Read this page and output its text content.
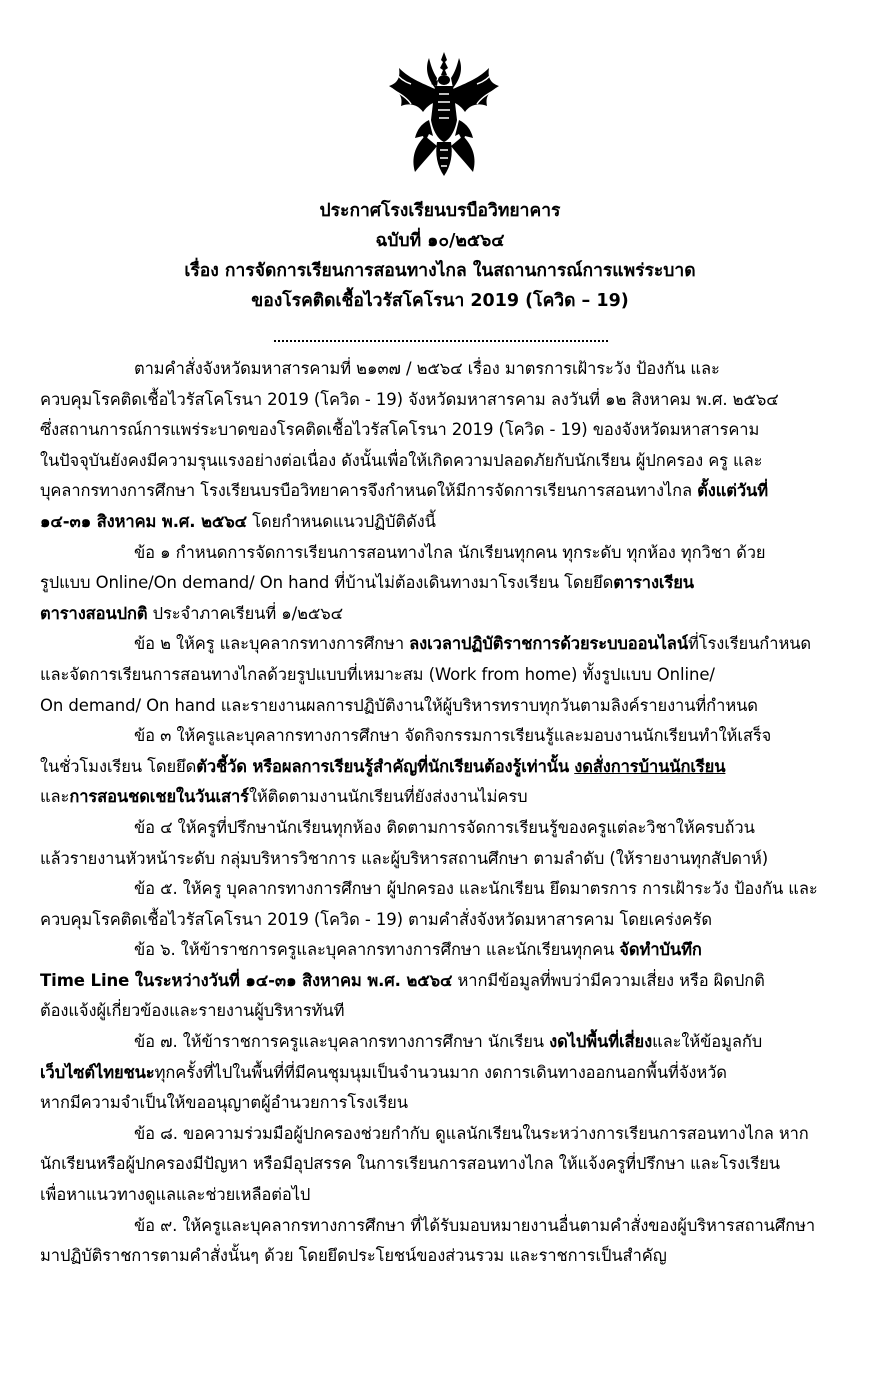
ประกาศโรงเรียนบรบือวิทยาคาร
ฉบับที่ ๑๐/๒๕๖๔
เรื่อง การจัดการเรียนการสอนทางไกล ในสถานการณ์การแพร่ระบาด
ของโรคติดเชื้อไวรัสโคโรนา 2019 (โควิด – 19)
ตามคำสั่งจังหวัดมหาสารคามที่ ๒๑๓๗ / ๒๕๖๔ เรื่อง มาตรการเฝ้าระวัง ป้องกัน และ
ควบคุมโรคติดเชื้อไวรัสโคโรนา 2019 (โควิด - 19) จังหวัดมหาสารคาม ลงวันที่ ๑๒ สิงหาคม พ.ศ. ๒๕๖๔
ซึ่งสถานการณ์การแพร่ระบาดของโรคติดเชื้อไวรัสโคโรนา 2019 (โควิด - 19) ของจังหวัดมหาสารคาม
ในปัจจุบันยังคงมีความรุนแรงอย่างต่อเนื่อง ดังนั้นเพื่อให้เกิดความปลอดภัยกับนักเรียน ผู้ปกครอง ครู และ
บุคลากรทางการศึกษา โรงเรียนบรบือวิทยาคารจึงกำหนดให้มีการจัดการเรียนการสอนทางไกล ตั้งแต่วันที่
๑๔-๓๑ สิงหาคม พ.ศ. ๒๕๖๔ โดยกำหนดแนวปฏิบัติดังนี้
ข้อ ๑ กำหนดการจัดการเรียนการสอนทางไกล นักเรียนทุกคน ทุกระดับ ทุกห้อง ทุกวิชา ด้วย
รูปแบบ Online/On demand/ On hand ที่บ้านไม่ต้องเดินทางมาโรงเรียน โดยยึดตารางเรียน
ตารางสอนปกติ ประจำภาคเรียนที่ ๑/๒๕๖๔
ข้อ ๒ ให้ครู และบุคลากรทางการศึกษา ลงเวลาปฏิบัติราชการด้วยระบบออนไลน์ที่โรงเรียนกำหนด
และจัดการเรียนการสอนทางไกลด้วยรูปแบบที่เหมาะสม (Work from home) ทั้งรูปแบบ Online/
On demand/ On hand และรายงานผลการปฏิบัติงานให้ผู้บริหารทราบทุกวันตามลิงค์รายงานที่กำหนด
ข้อ ๓ ให้ครูและบุคลากรทางการศึกษา จัดกิจกรรมการเรียนรู้และมอบงานนักเรียนทำให้เสร็จ
ในชั่วโมงเรียน โดยยึดตัวชี้วัด หรือผลการเรียนรู้สำคัญที่นักเรียนต้องรู้เท่านั้น งดสั่งการบ้านนักเรียน
และการสอนชดเชยในวันเสาร์ให้ติดตามงานนักเรียนที่ยังส่งงานไม่ครบ
ข้อ ๔ ให้ครูที่ปรึกษานักเรียนทุกห้อง ติดตามการจัดการเรียนรู้ของครูแต่ละวิชาให้ครบถ้วน
แล้วรายงานหัวหน้าระดับ กลุ่มบริหารวิชาการ และผู้บริหารสถานศึกษา ตามลำดับ (ให้รายงานทุกสัปดาห์)
ข้อ ๕. ให้ครู บุคลากรทางการศึกษา ผู้ปกครอง และนักเรียน ยึดมาตรการ การเฝ้าระวัง ป้องกัน และ
ควบคุมโรคติดเชื้อไวรัสโคโรนา 2019 (โควิด - 19) ตามคำสั่งจังหวัดมหาสารคาม โดยเคร่งครัด
ข้อ ๖. ให้ข้าราชการครูและบุคลากรทางการศึกษา และนักเรียนทุกคน จัดทำบันทึก
Time Line ในระหว่างวันที่ ๑๔-๓๑ สิงหาคม พ.ศ. ๒๕๖๔ หากมีข้อมูลที่พบว่ามีความเสี่ยง หรือ ผิดปกติ
ต้องแจ้งผู้เกี่ยวข้องและรายงานผู้บริหารทันที
ข้อ ๗. ให้ข้าราชการครูและบุคลากรทางการศึกษา นักเรียน งดไปพื้นที่เสี่ยงและให้ข้อมูลกับ
เว็บไซต์ไทยชนะทุกครั้งที่ไปในพื้นที่ที่มีคนชุมนุมเป็นจำนวนมาก งดการเดินทางออกนอกพื้นที่จังหวัด
หากมีความจำเป็นให้ขออนุญาตผู้อำนวยการโรงเรียน
ข้อ ๘. ขอความร่วมมือผู้ปกครองช่วยกำกับ ดูแลนักเรียนในระหว่างการเรียนการสอนทางไกล หาก
นักเรียนหรือผู้ปกครองมีปัญหา หรือมีอุปสรรค ในการเรียนการสอนทางไกล ให้แจ้งครูที่ปรึกษา และโรงเรียน
เพื่อหาแนวทางดูแลและช่วยเหลือต่อไป
ข้อ ๙. ให้ครูและบุคลากรทางการศึกษา ที่ได้รับมอบหมายงานอื่นตามคำสั่งของผู้บริหารสถานศึกษา
มาปฏิบัติราชการตามคำสั่งนั้นๆ ด้วย โดยยึดประโยชน์ของส่วนรวม และราชการเป็นสำคัญ
